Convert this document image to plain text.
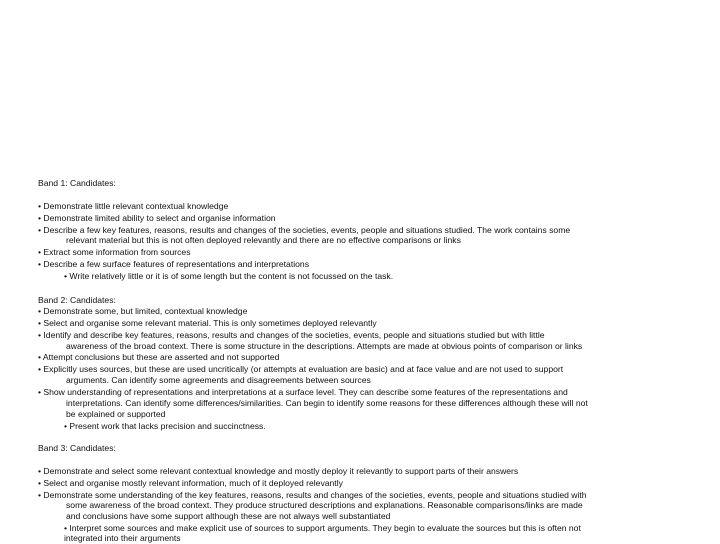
Band 1: Candidates:
• Demonstrate little relevant contextual knowledge
• Demonstrate limited ability to select and organise information
• Describe a few key features, reasons, results and changes of the societies, events, people and situations studied. The work contains some
relevant material but this is not often deployed relevantly and there are no effective comparisons or links
• Extract some information from sources
• Describe a few surface features of representations and interpretations
• Write relatively little or it is of some length but the content is not focussed on the task.
Band 2: Candidates:
• Demonstrate some, but limited, contextual knowledge
• Select and organise some relevant material. This is only sometimes deployed relevantly
• Identify and describe key features, reasons, results and changes of the societies, events, people and situations studied but with little
awareness of the broad context. There is some structure in the descriptions. Attempts are made at obvious points of comparison or links
• Attempt conclusions but these are asserted and not supported
• Explicitly uses sources, but these are used uncritically (or attempts at evaluation are basic) and at face value and are not used to support
arguments. Can identify some agreements and disagreements between sources
• Show understanding of representations and interpretations at a surface level. They can describe some features of the representations and
interpretations. Can identify some differences/similarities. Can begin to identify some reasons for these differences although these will not
be explained or supported
• Present work that lacks precision and succinctness.
Band 3: Candidates:
• Demonstrate and select some relevant contextual knowledge and mostly deploy it relevantly to support parts of their answers
• Select and organise mostly relevant information, much of it deployed relevantly
• Demonstrate some understanding of the key features, reasons, results and changes of the societies, events, people and situations studied with
some awareness of the broad context. They produce structured descriptions and explanations. Reasonable comparisons/links are made
and conclusions have some support although these are not always well substantiated
• Interpret some sources and make explicit use of sources to support arguments. They begin to evaluate the sources but this is often not
integrated into their arguments
